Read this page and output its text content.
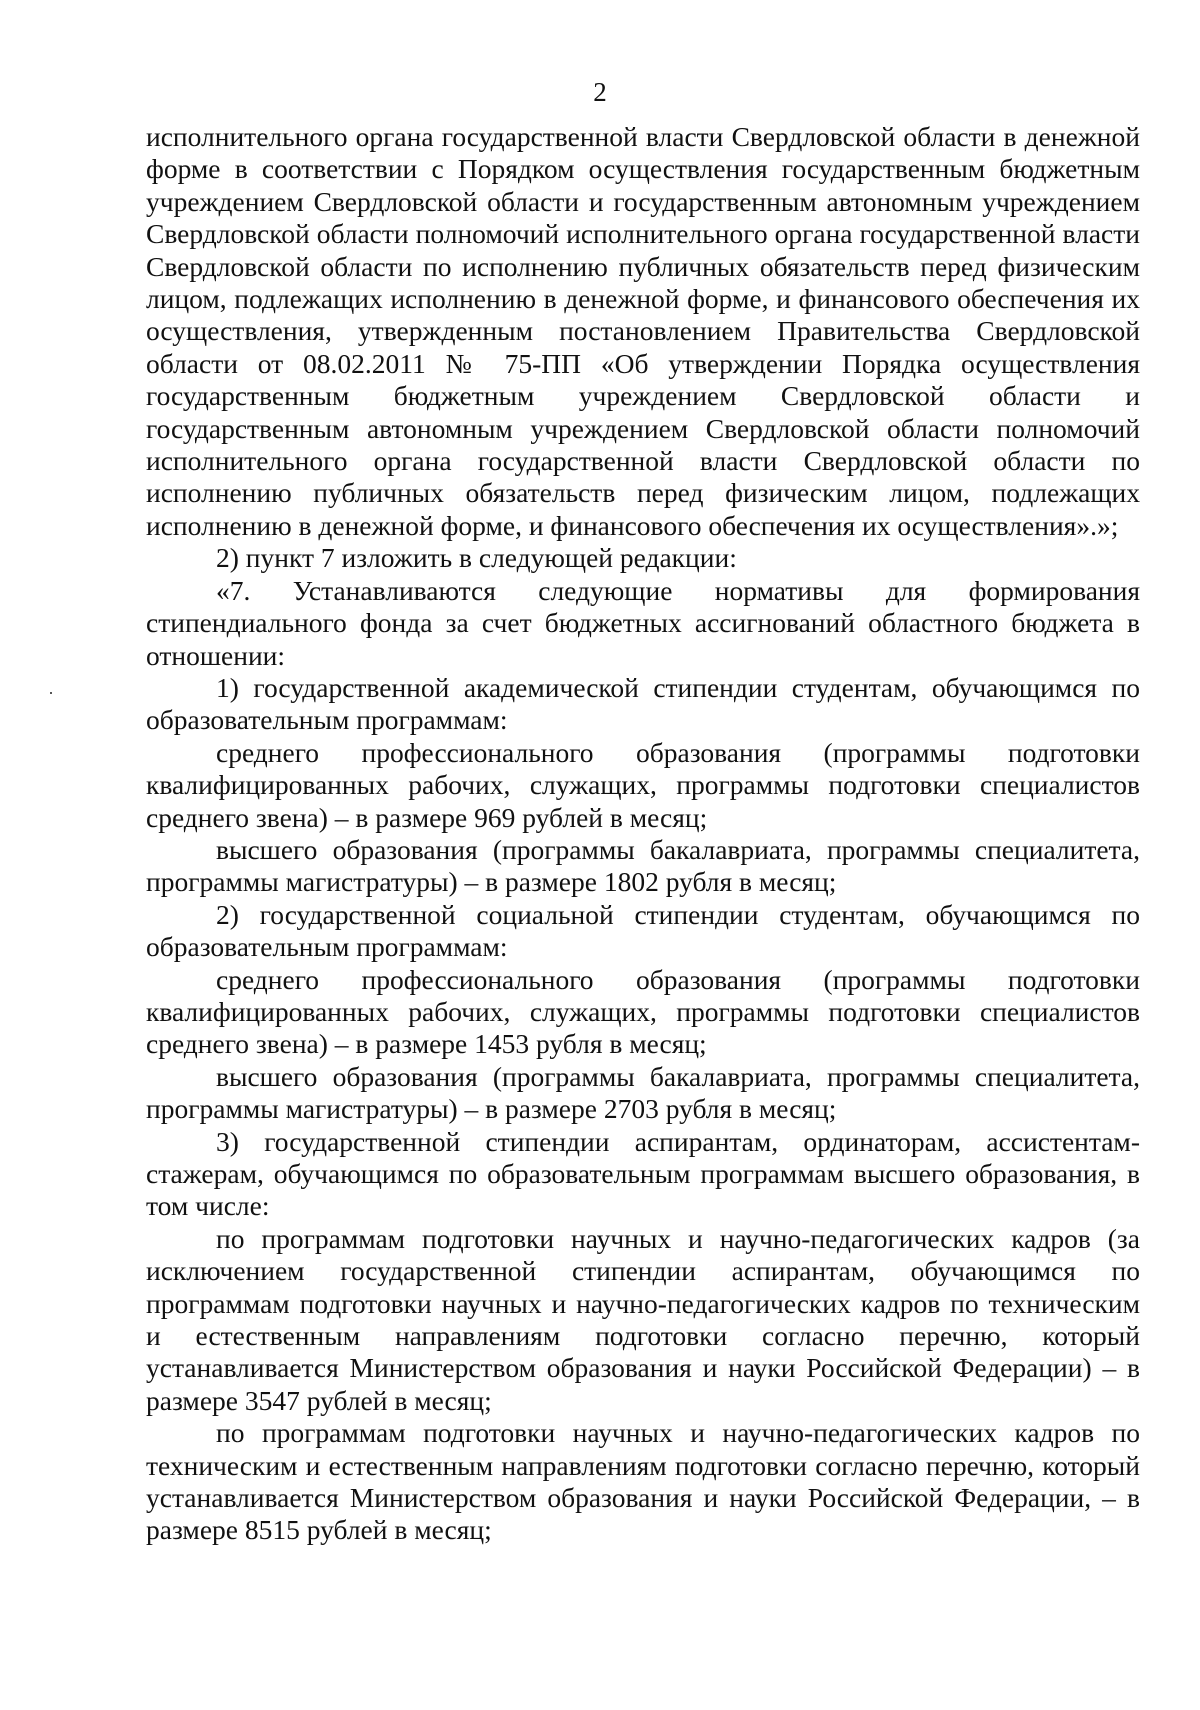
2

исполнительного органа государственной власти Свердловской области в денежной форме в соответствии с Порядком осуществления государственным бюджетным учреждением Свердловской области и государственным автономным учреждением Свердловской области полномочий исполнительного органа государственной власти Свердловской области по исполнению публичных обязательств перед физическим лицом, подлежащих исполнению в денежной форме, и финансового обеспечения их осуществления, утвержденным постановлением Правительства Свердловской области от 08.02.2011 № 75-ПП «Об утверждении Порядка осуществления государственным бюджетным учреждением Свердловской области и государственным автономным учреждением Свердловской области полномочий исполнительного органа государственной власти Свердловской области по исполнению публичных обязательств перед физическим лицом, подлежащих исполнению в денежной форме, и финансового обеспечения их осуществления».»;

2) пункт 7 изложить в следующей редакции:

«7. Устанавливаются следующие нормативы для формирования стипендиального фонда за счет бюджетных ассигнований областного бюджета в отношении:

1) государственной академической стипендии студентам, обучающимся по образовательным программам:

среднего профессионального образования (программы подготовки квалифицированных рабочих, служащих, программы подготовки специалистов среднего звена) – в размере 969 рублей в месяц;

высшего образования (программы бакалавриата, программы специалитета, программы магистратуры) – в размере 1802 рубля в месяц;

2) государственной социальной стипендии студентам, обучающимся по образовательным программам:

среднего профессионального образования (программы подготовки квалифицированных рабочих, служащих, программы подготовки специалистов среднего звена) – в размере 1453 рубля в месяц;

высшего образования (программы бакалавриата, программы специалитета, программы магистратуры) – в размере 2703 рубля в месяц;

3) государственной стипендии аспирантам, ординаторам, ассистентам-стажерам, обучающимся по образовательным программам высшего образования, в том числе:

по программам подготовки научных и научно-педагогических кадров (за исключением государственной стипендии аспирантам, обучающимся по программам подготовки научных и научно-педагогических кадров по техническим и естественным направлениям подготовки согласно перечню, который устанавливается Министерством образования и науки Российской Федерации) – в размере 3547 рублей в месяц;

по программам подготовки научных и научно-педагогических кадров по техническим и естественным направлениям подготовки согласно перечню, который устанавливается Министерством образования и науки Российской Федерации, – в размере 8515 рублей в месяц;
